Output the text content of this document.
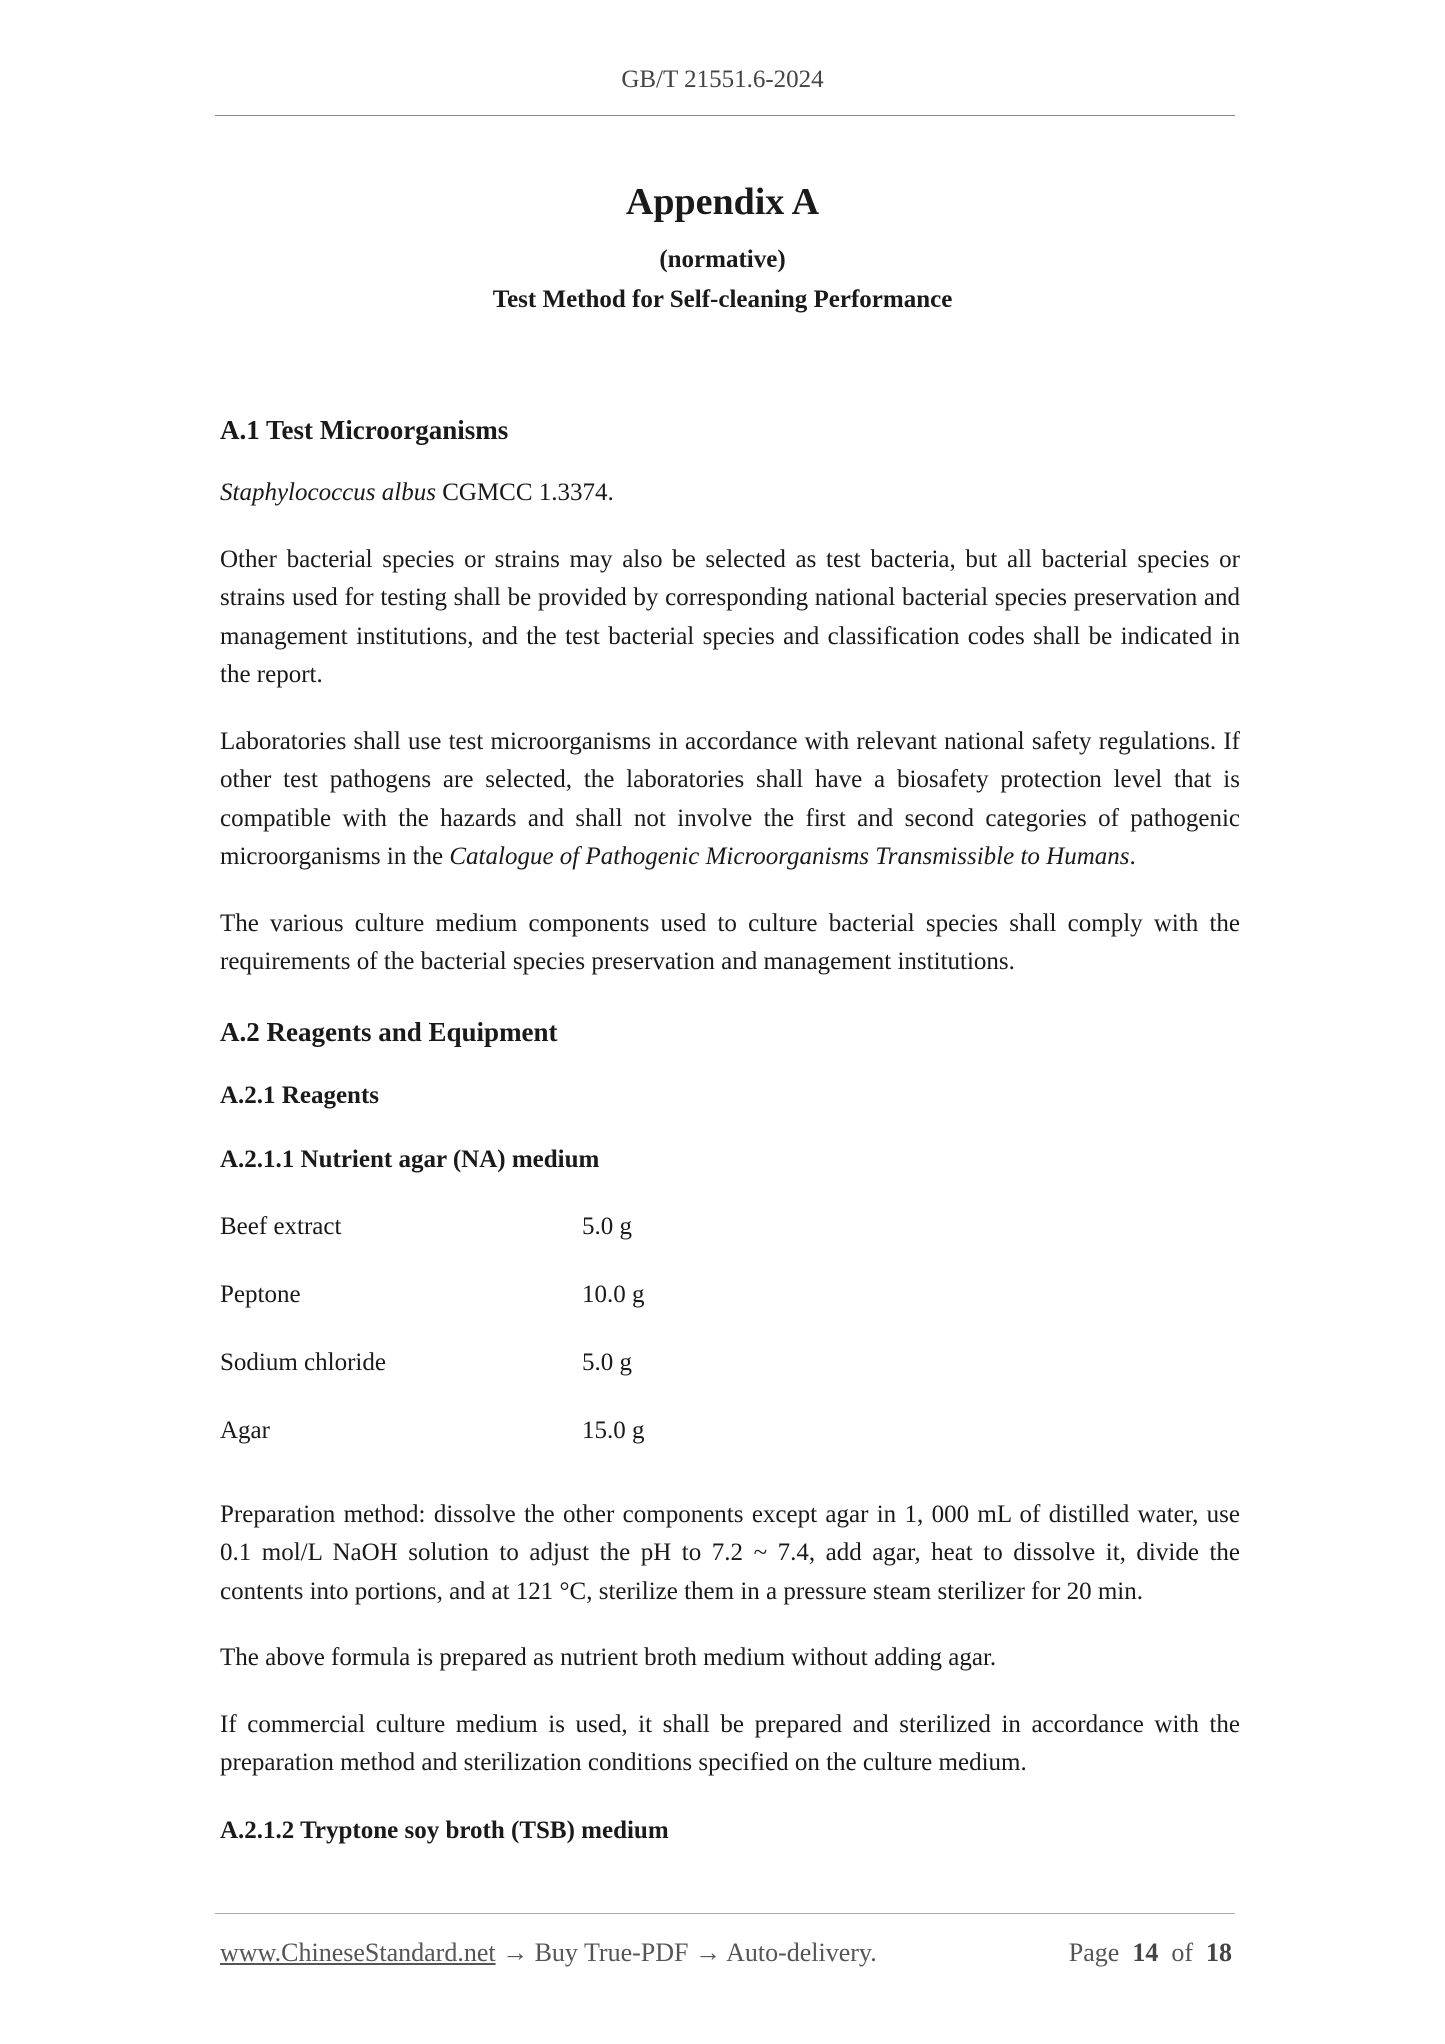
GB/T 21551.6-2024
Appendix A
(normative)
Test Method for Self-cleaning Performance
A.1 Test Microorganisms

Staphylococcus albus CGMCC 1.3374.

Other bacterial species or strains may also be selected as test bacteria, but all bacterial species or strains used for testing shall be provided by corresponding national bacterial species preservation and management institutions, and the test bacterial species and classification codes shall be indicated in the report.

Laboratories shall use test microorganisms in accordance with relevant national safety regulations. If other test pathogens are selected, the laboratories shall have a biosafety protection level that is compatible with the hazards and shall not involve the first and second categories of pathogenic microorganisms in the Catalogue of Pathogenic Microorganisms Transmissible to Humans.

The various culture medium components used to culture bacterial species shall comply with the requirements of the bacterial species preservation and management institutions.

A.2 Reagents and Equipment
A.2.1 Reagents
A.2.1.1 Nutrient agar (NA) medium
Beef extract	5.0 g
Peptone	10.0 g
Sodium chloride	5.0 g
Agar	15.0 g

Preparation method: dissolve the other components except agar in 1, 000 mL of distilled water, use 0.1 mol/L NaOH solution to adjust the pH to 7.2 ~ 7.4, add agar, heat to dissolve it, divide the contents into portions, and at 121 °C, sterilize them in a pressure steam sterilizer for 20 min.

The above formula is prepared as nutrient broth medium without adding agar.

If commercial culture medium is used, it shall be prepared and sterilized in accordance with the preparation method and sterilization conditions specified on the culture medium.

A.2.1.2 Tryptone soy broth (TSB) medium
www.ChineseStandard.net → Buy True-PDF → Auto-delivery.	Page 14 of 18
